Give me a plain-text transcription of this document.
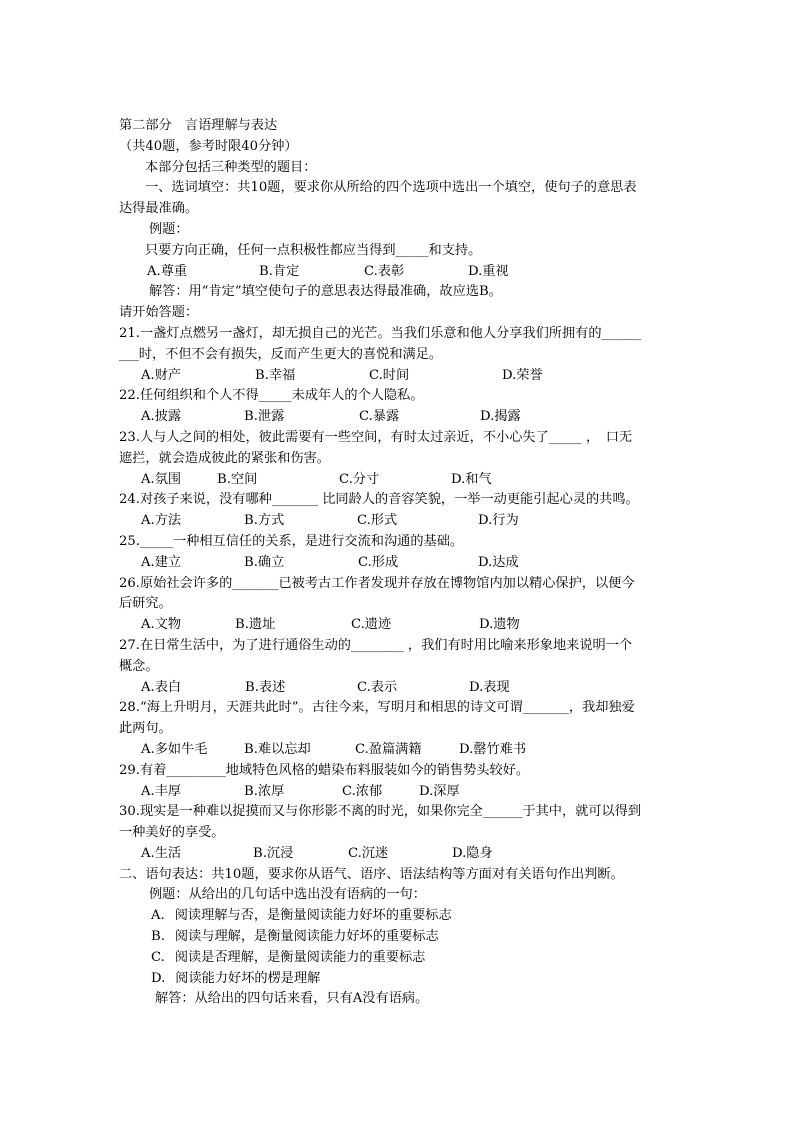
第二部分　言语理解与表达
（共40题，参考时限40分钟）
本部分包括三种类型的题目：
一、选词填空：共10题，要求你从所给的四个选项中选出一个填空，使句子的意思表
达得最准确。
例题：
只要方向正确，任何一点积极性都应当得到_____和支持。
A.尊重	B.肯定	C.表彰	D.重视
解答：用“肯定”填空使句子的意思表达得最准确，故应选B。
请开始答题：
21.一盏灯点燃另一盏灯，却无损自己的光芒。当我们乐意和他人分享我们所拥有的______
___时，不但不会有损失，反而产生更大的喜悦和满足。
A.财产	B.幸福	C.时间	D.荣誉
22.任何组织和个人不得_____未成年人的个人隐私。
A.披露	B.泄露	C.暴露	D.揭露
23.人与人之间的相处，彼此需要有一些空间，有时太过亲近，不小心失了_____ ，　口无
遮拦，就会造成彼此的紧张和伤害。
A.氛围	B.空间	C.分寸	D.和气
24.对孩子来说，没有哪种_______ 比同龄人的音容笑貌，一举一动更能引起心灵的共鸣。
A.方法	B.方式	C.形式	D.行为
25._____一种相互信任的关系，是进行交流和沟通的基础。
A.建立	B.确立	C.形成	D.达成
26.原始社会许多的_______已被考古工作者发现并存放在博物馆内加以精心保护，以便今
后研究。
A.文物	B.遗址	C.遗迹	D.遗物
27.在日常生活中，为了进行通俗生动的________ ，我们有时用比喻来形象地来说明一个
概念。
A.表白	B.表述	C.表示	D.表现
28.“海上升明月，天涯共此时”。古往今来，写明月和相思的诗文可谓_______，我却独爱
此两句。
A.多如牛毛	B.难以忘却	C.盈篇满籍	D.罄竹难书
29.有着_________地域特色风格的蜡染布料服装如今的销售势头较好。
A.丰厚	B.浓厚	C.浓郁	D.深厚
30.现实是一种难以捉摸而又与你形影不离的时光，如果你完全______于其中，就可以得到
一种美好的享受。
A.生活	B.沉浸	C.沉迷	D.隐身
二、语句表达：共10题，要求你从语气、语序、语法结构等方面对有关语句作出判断。
例题：从给出的几句话中选出没有语病的一句：
A. 阅读理解与否，是衡量阅读能力好坏的重要标志
B. 阅读与理解，是衡量阅读能力好坏的重要标志
C. 阅读是否理解，是衡量阅读能力的重要标志
D. 阅读能力好坏的楞是理解
解答：从给出的四句话来看，只有A没有语病。
